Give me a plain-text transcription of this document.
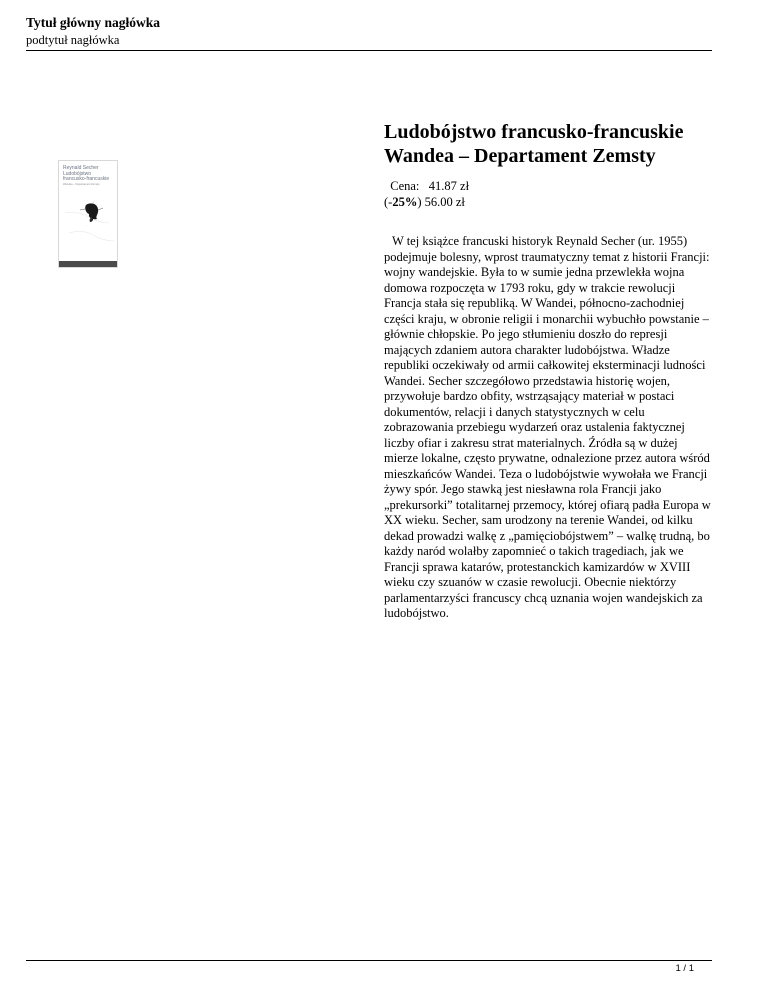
Tytuł główny nagłówka
podtytuł nagłówka
Ludobójstwo francusko-francuskie
Wandea – Departament Zemsty
Reynald Secher
Ludobójstwo
francusko-francuskie
Wandea – Departament Zemsty	Cena: 41.87 zł
(-25%) 56.00 zł

W tej książce francuski historyk Reynald Secher (ur. 1955) podejmuje bolesny, wprost traumatyczny temat z historii Francji: wojny wandejskie. Była to w sumie jedna przewlekła wojna domowa rozpoczęta w 1793 roku, gdy w trakcie rewolucji Francja stała się republiką. W Wandei, północno-zachodniej części kraju, w obronie religii i monarchii wybuchło powstanie – głównie chłopskie. Po jego stłumieniu doszło do represji mających zdaniem autora charakter ludobójstwa. Władze republiki oczekiwały od armii całkowitej eksterminacji ludności Wandei. Secher szczegółowo przedstawia historię wojen, przywołuje bardzo obfity, wstrząsający materiał w postaci dokumentów, relacji i danych statystycznych w celu zobrazowania przebiegu wydarzeń oraz ustalenia faktycznej liczby ofiar i zakresu strat materialnych. Źródła są w dużej mierze lokalne, często prywatne, odnalezione przez autora wśród mieszkańców Wandei. Teza o ludobójstwie wywołała we Francji żywy spór. Jego stawką jest niesławna rola Francji jako „prekursorki” totalitarnej przemocy, której ofiarą padła Europa w XX wieku. Secher, sam urodzony na terenie Wandei, od kilku dekad prowadzi walkę z „pamięciobójstwem” – walkę trudną, bo każdy naród wolałby zapomnieć o takich tragediach, jak we Francji sprawa katarów, protestanckich kamizardów w XVIII wieku czy szuanów w czasie rewolucji. Obecnie niektórzy parlamentarzyści francuscy chcą uznania wojen wandejskich za ludobójstwo.

1 / 1
